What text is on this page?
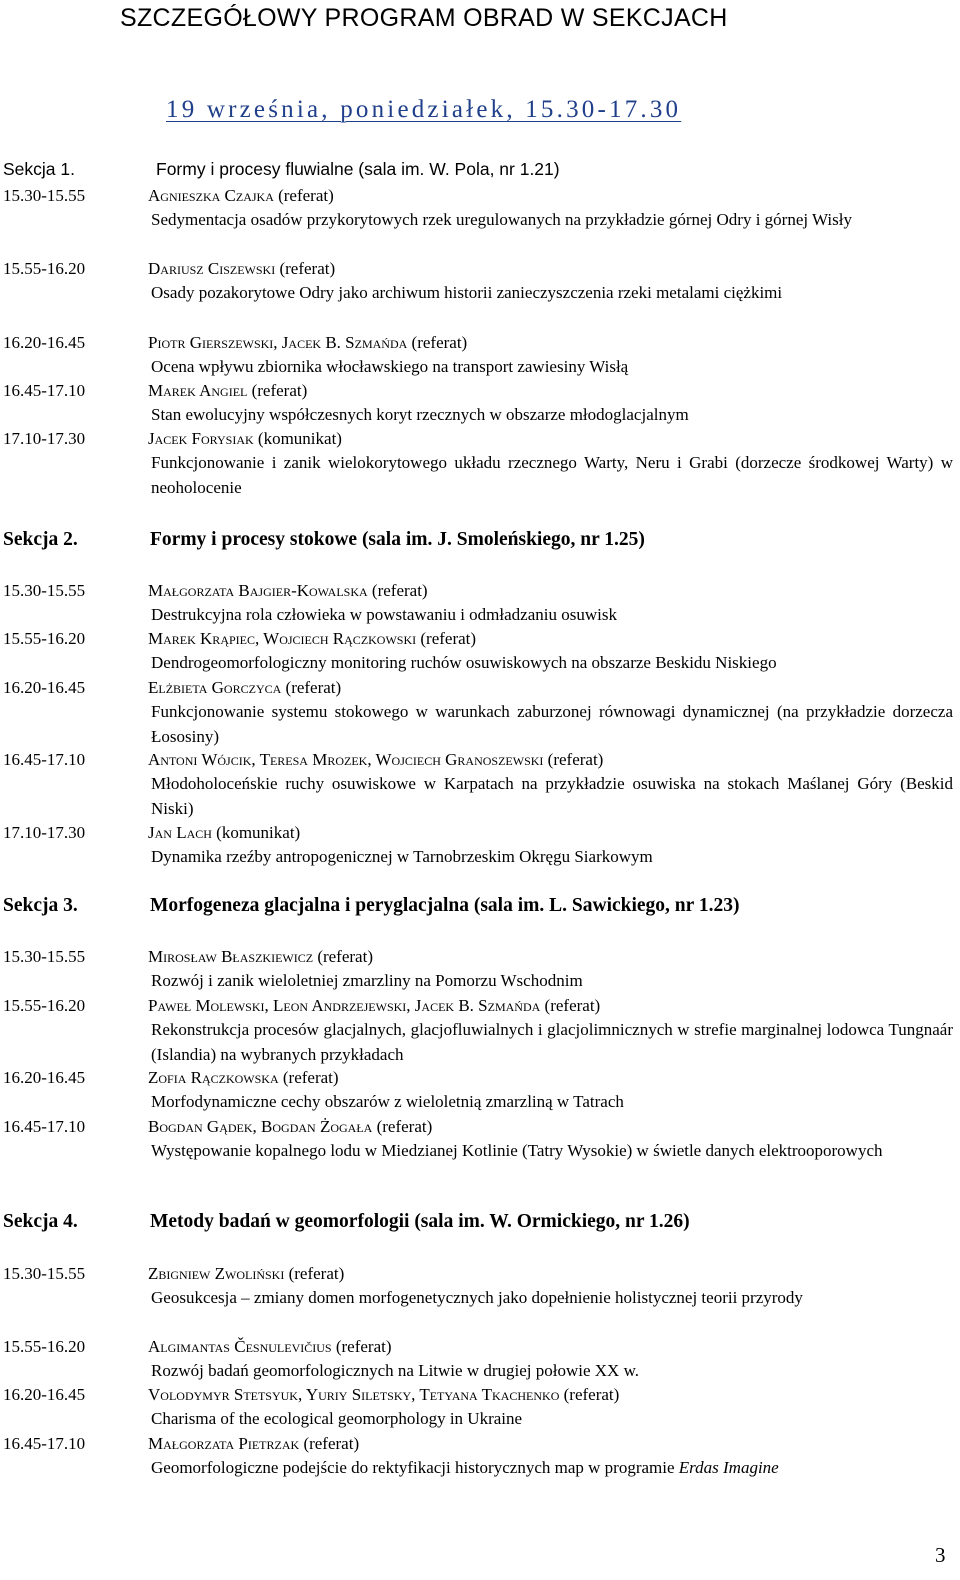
SZCZEGÓŁOWY PROGRAM OBRAD W SEKCJACH
19 września, poniedziałek, 15.30-17.30
Sekcja 1.	Formy i procesy fluwialne (sala im. W. Pola, nr 1.21)
15.30-15.55	Agnieszka Czajka (referat)
Sedymentacja osadów przykorytowych rzek uregulowanych na przykładzie górnej Odry i górnej Wisły
15.55-16.20	Dariusz Ciszewski (referat)
Osady pozakorytowe Odry jako archiwum historii zanieczyszczenia rzeki metalami ciężkimi
16.20-16.45	Piotr Gierszewski, Jacek B. Szmańda (referat)
Ocena wpływu zbiornika włocławskiego na transport zawiesiny Wisłą
16.45-17.10	Marek Angiel (referat)
Stan ewolucyjny współczesnych koryt rzecznych w obszarze młodoglacjalnym
17.10-17.30	Jacek Forysiak (komunikat)
Funkcjonowanie i zanik wielokorytowego układu rzecznego Warty, Neru i Grabi (dorzecze środkowej Warty) w neoholocenie
Sekcja 2.	Formy i procesy stokowe (sala im. J. Smoleńskiego, nr 1.25)
15.30-15.55	Małgorzata Bajgier-Kowalska (referat)
Destrukcyjna rola człowieka w powstawaniu i odmładzaniu osuwisk
15.55-16.20	Marek Krąpiec, Wojciech Rączkowski (referat)
Dendrogeomorfologiczny monitoring ruchów osuwiskowych na obszarze Beskidu Niskiego
16.20-16.45	Elżbieta Gorczyca (referat)
Funkcjonowanie systemu stokowego w warunkach zaburzonej równowagi dynamicznej (na przykładzie dorzecza Łososiny)
16.45-17.10	Antoni Wójcik, Teresa Mrozek, Wojciech Granoszewski (referat)
Młodoholoceńskie ruchy osuwiskowe w Karpatach na przykładzie osuwiska na stokach Maślanej Góry (Beskid Niski)
17.10-17.30	Jan Lach (komunikat)
Dynamika rzeźby antropogenicznej w Tarnobrzeskim Okręgu Siarkowym
Sekcja 3.	Morfogeneza glacjalna i peryglacjalna (sala im. L. Sawickiego, nr 1.23)
15.30-15.55	Mirosław Błaszkiewicz (referat)
Rozwój i zanik wieloletniej zmarzliny na Pomorzu Wschodnim
15.55-16.20	Paweł Molewski, Leon Andrzejewski, Jacek B. Szmańda (referat)
Rekonstrukcja procesów glacjalnych, glacjofluwialnych i glacjolimnicznych w strefie marginalnej lodowca Tungnaár (Islandia) na wybranych przykładach
16.20-16.45	Zofia Rączkowska (referat)
Morfodynamiczne cechy obszarów z wieloletnią zmarzliną w Tatrach
16.45-17.10	Bogdan Gądek, Bogdan Żogała (referat)
Występowanie kopalnego lodu w Miedzianej Kotlinie (Tatry Wysokie) w świetle danych elektrooporowych
Sekcja 4.	Metody badań w geomorfologii (sala im. W. Ormickiego, nr 1.26)
15.30-15.55	Zbigniew Zwoliński (referat)
Geosukcesja – zmiany domen morfogenetycznych jako dopełnienie holistycznej teorii przyrody
15.55-16.20	Algimantas Česnulevičius (referat)
Rozwój badań geomorfologicznych na Litwie w drugiej połowie XX w.
16.20-16.45	Volodymyr Stetsyuk, Yuriy Siletsky, Tetyana Tkachenko (referat)
Charisma of the ecological geomorphology in Ukraine
16.45-17.10	Małgorzata Pietrzak (referat)
Geomorfologiczne podejście do rektyfikacji historycznych map w programie Erdas Imagine
3
